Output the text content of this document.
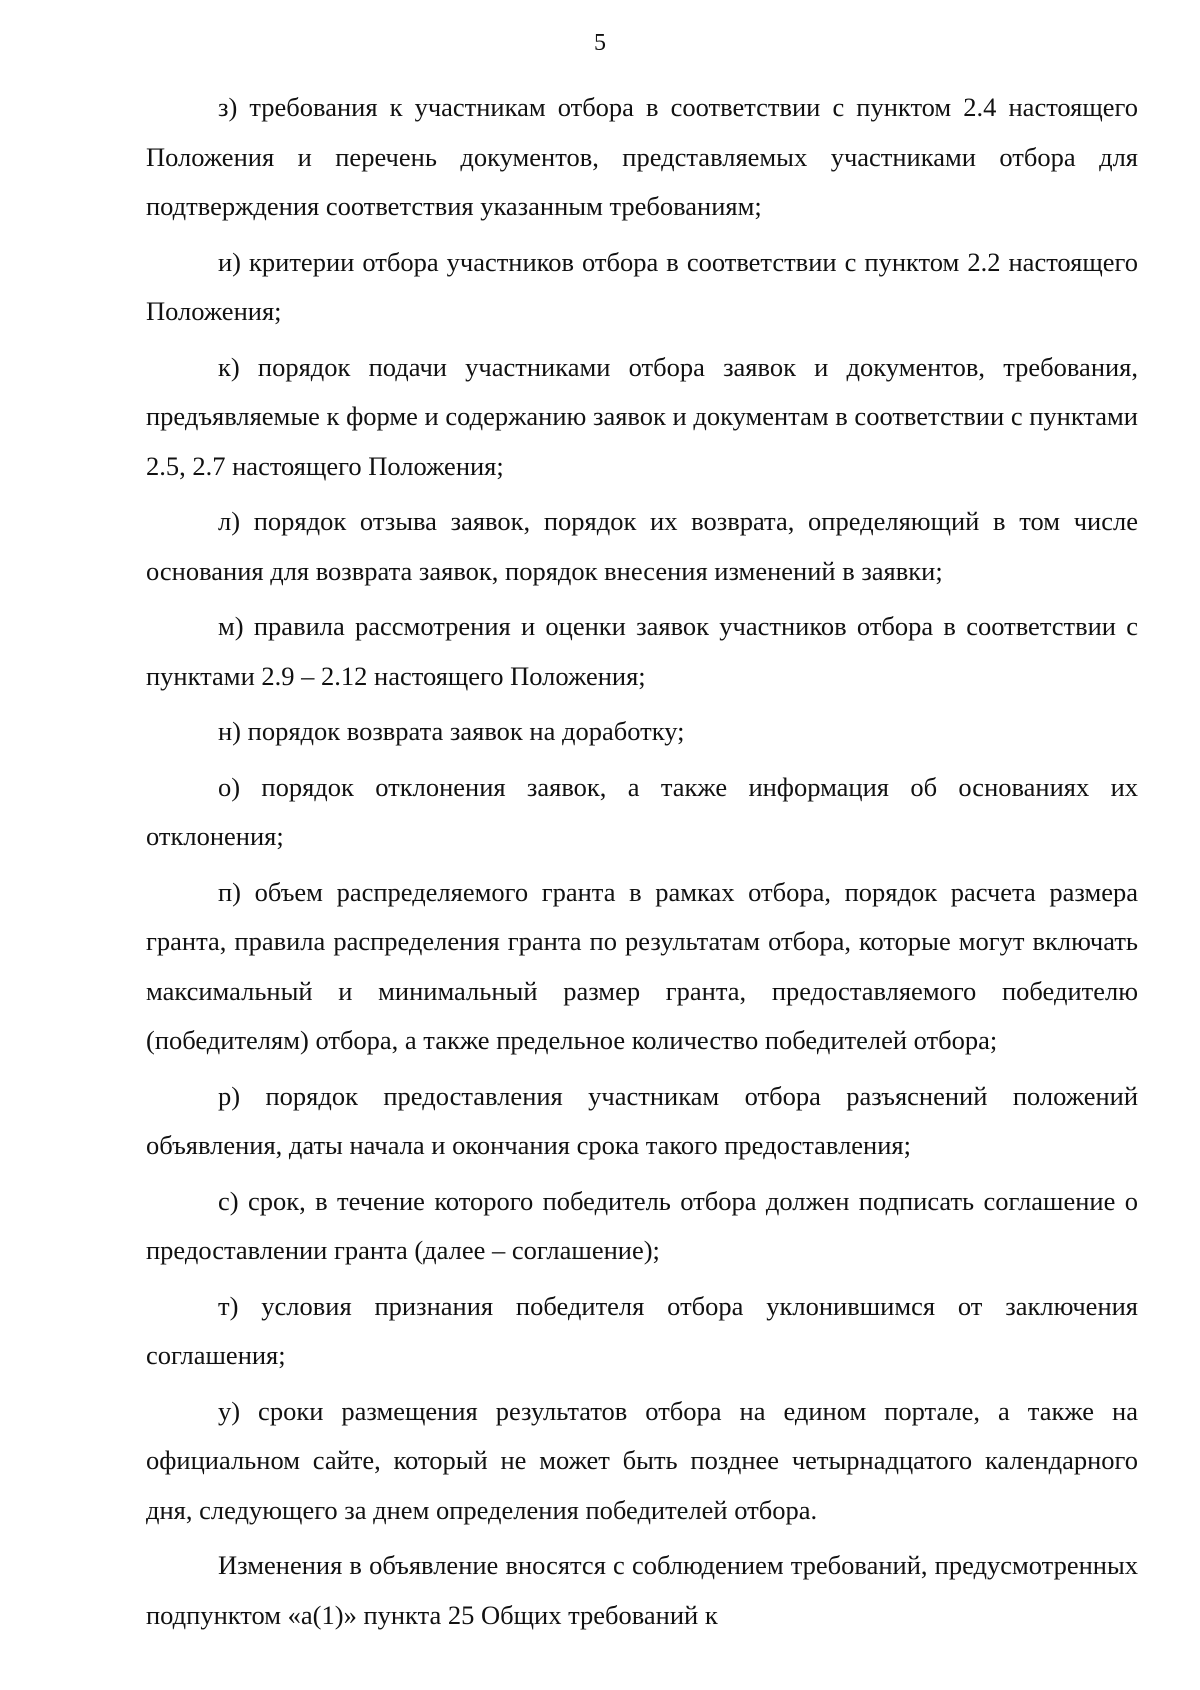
5

з) требования к участникам отбора в соответствии с пунктом 2.4 настоящего Положения и перечень документов, представляемых участниками отбора для подтверждения соответствия указанным требованиям;

и) критерии отбора участников отбора в соответствии с пунктом 2.2 настоящего Положения;

к) порядок подачи участниками отбора заявок и документов, требования, предъявляемые к форме и содержанию заявок и документам в соответствии с пунктами 2.5, 2.7 настоящего Положения;

л) порядок отзыва заявок, порядок их возврата, определяющий в том числе основания для возврата заявок, порядок внесения изменений в заявки;

м) правила рассмотрения и оценки заявок участников отбора в соответствии с пунктами 2.9 – 2.12 настоящего Положения;

н) порядок возврата заявок на доработку;

о) порядок отклонения заявок, а также информация об основаниях их отклонения;

п) объем распределяемого гранта в рамках отбора, порядок расчета размера гранта, правила распределения гранта по результатам отбора, которые могут включать максимальный и минимальный размер гранта, предоставляемого победителю (победителям) отбора, а также предельное количество победителей отбора;

р) порядок предоставления участникам отбора разъяснений положений объявления, даты начала и окончания срока такого предоставления;

с) срок, в течение которого победитель отбора должен подписать соглашение о предоставлении гранта (далее – соглашение);

т) условия признания победителя отбора уклонившимся от заключения соглашения;

у) сроки размещения результатов отбора на едином портале, а также на официальном сайте, который не может быть позднее четырнадцатого календарного дня, следующего за днем определения победителей отбора.

Изменения в объявление вносятся с соблюдением требований, предусмотренных подпунктом «а(1)» пункта 25 Общих требований к
